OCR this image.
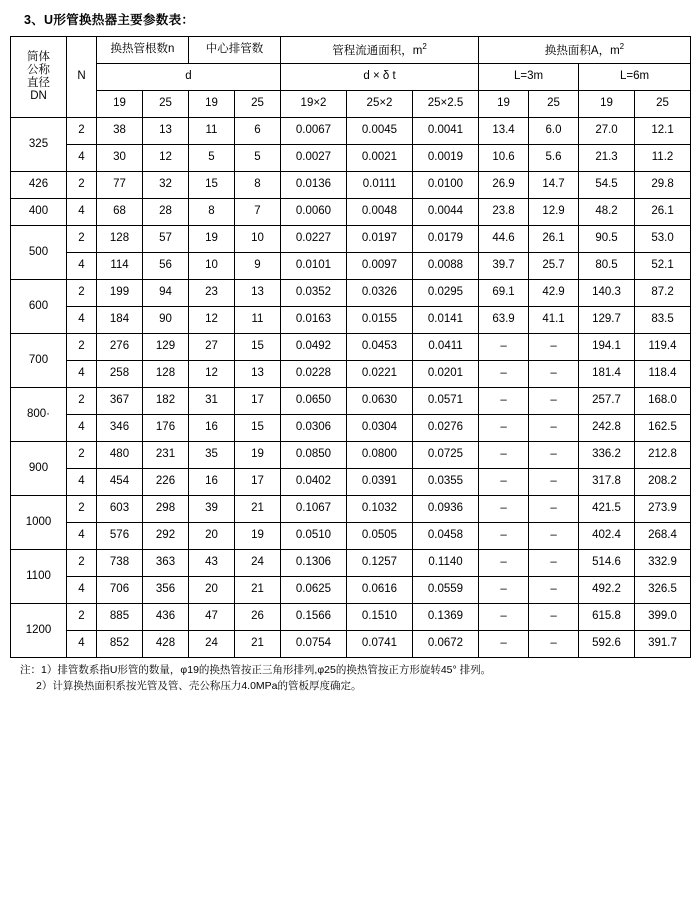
3、U形管换热器主要参数表：
筒体
公称
直径
DN	N	换热管根数n		中心排管数		管程流通面积，$m^2$			换热面积A，$m^2$
		d				d × δ t			L=3m		L=6m	
		19	25	19	25	19×2	25×2	25×2.5	19	25	19	25
325	2	38	13	11	6	0.0067	0.0045	0.0041	13.4	6.0	27.0	12.1
	4	30	12	5	5	0.0027	0.0021	0.0019	10.6	5.6	21.3	11.2
426	2	77	32	15	8	0.0136	0.0111	0.0100	26.9	14.7	54.5	29.8
400	4	68	28	8	7	0.0060	0.0048	0.0044	23.8	12.9	48.2	26.1
500	2	128	57	19	10	0.0227	0.0197	0.0179	44.6	26.1	90.5	53.0
	4	114	56	10	9	0.0101	0.0097	0.0088	39.7	25.7	80.5	52.1
600	2	199	94	23	13	0.0352	0.0326	0.0295	69.1	42.9	140.3	87.2
	4	184	90	12	11	0.0163	0.0155	0.0141	63.9	41.1	129.7	83.5
700	2	276	129	27	15	0.0492	0.0453	0.0411	–	–	194.1	119.4
	4	258	128	12	13	0.0228	0.0221	0.0201	–	–	181.4	118.4
800·	2	367	182	31	17	0.0650	0.0630	0.0571	–	–	257.7	168.0
	4	346	176	16	15	0.0306	0.0304	0.0276	–	–	242.8	162.5
900	2	480	231	35	19	0.0850	0.0800	0.0725	–	–	336.2	212.8
	4	454	226	16	17	0.0402	0.0391	0.0355	–	–	317.8	208.2
1000	2	603	298	39	21	0.1067	0.1032	0.0936	–	–	421.5	273.9
	4	576	292	20	19	0.0510	0.0505	0.0458	–	–	402.4	268.4
1100	2	738	363	43	24	0.1306	0.1257	0.1140	–	–	514.6	332.9
	4	706	356	20	21	0.0625	0.0616	0.0559	–	–	492.2	326.5
1200	2	885	436	47	26	0.1566	0.1510	0.1369	–	–	615.8	399.0
	4	852	428	24	21	0.0754	0.0741	0.0672	–	–	592.6	391.7
注：1）排管数系指U形管的数量，φ19的换热管按正三角形排列,φ25的换热管按正方形旋转45° 排列。
2）计算换热面积系按光管及管、壳公称压力4.0MPa的管板厚度确定。
